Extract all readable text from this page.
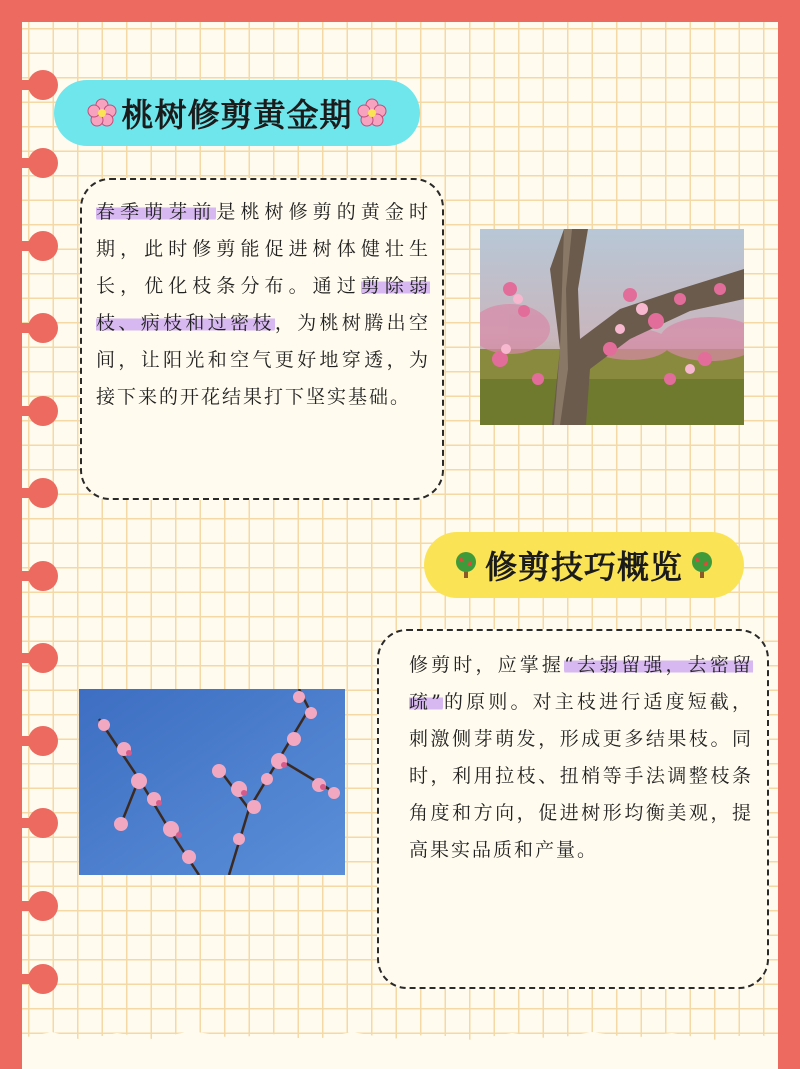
桃树修剪黄金期
春季萌芽前是桃树修剪的黄金时期，此时修剪能促进树体健壮生长，优化枝条分布。通过剪除弱枝、病枝和过密枝，为桃树腾出空间，让阳光和空气更好地穿透，为接下来的开花结果打下坚实基础。
修剪技巧概览
修剪时，应掌握“去弱留强，去密留疏”的原则。对主枝进行适度短截，刺激侧芽萌发，形成更多结果枝。同时，利用拉枝、扭梢等手法调整枝条角度和方向，促进树形均衡美观，提高果实品质和产量。
